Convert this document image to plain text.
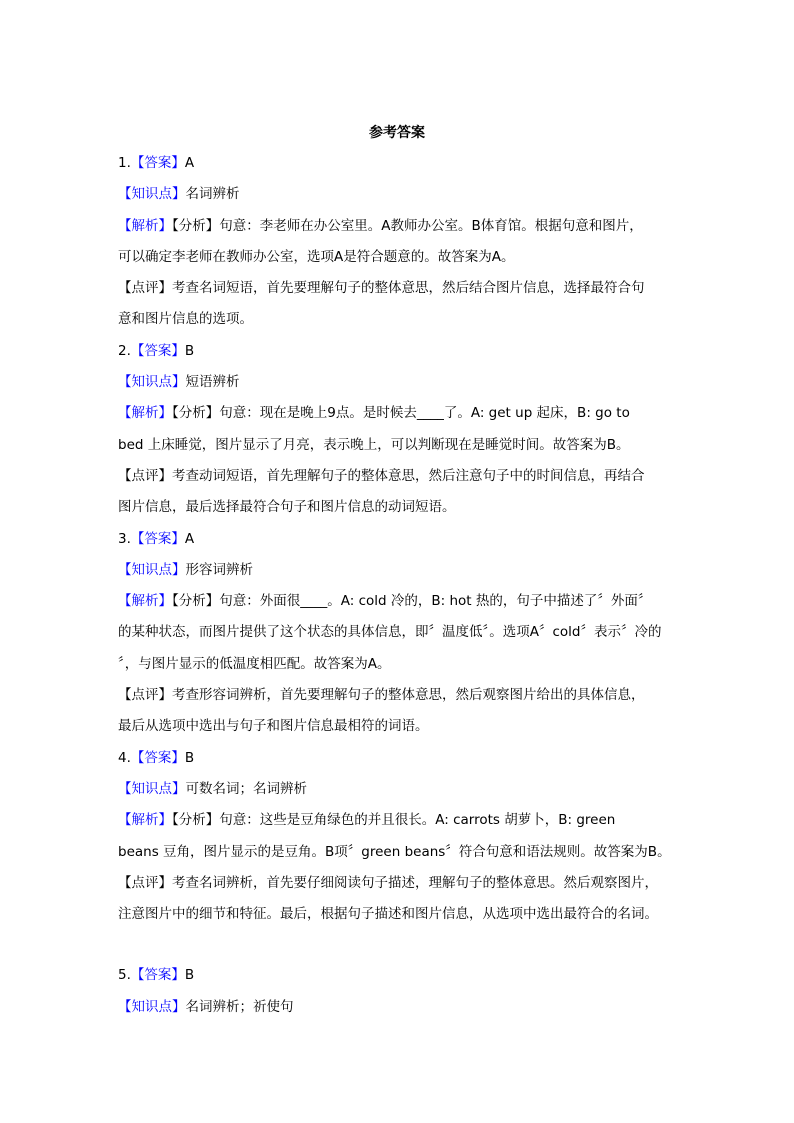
参考答案
1.【答案】A
【知识点】名词辨析
【解析】【分析】句意：李老师在办公室里。A教师办公室。B体育馆。根据句意和图片，
可以确定李老师在教师办公室，选项A是符合题意的。故答案为A。
【点评】考查名词短语，首先要理解句子的整体意思，然后结合图片信息，选择最符合句
意和图片信息的选项。
2.【答案】B
【知识点】短语辨析
【解析】【分析】句意：现在是晚上9点。是时候去____了。A: get up 起床，B: go to
bed 上床睡觉，图片显示了月亮，表示晚上，可以判断现在是睡觉时间。故答案为B。
【点评】考查动词短语，首先理解句子的整体意思，然后注意句子中的时间信息，再结合
图片信息，最后选择最符合句子和图片信息的动词短语。
3.【答案】A
【知识点】形容词辨析
【解析】【分析】句意：外面很____。A: cold 冷的，B: hot 热的，句子中描述了〞外面〞
的某种状态，而图片提供了这个状态的具体信息，即〞温度低〞。选项A〞cold〞表示〞冷的
〞，与图片显示的低温度相匹配。故答案为A。
【点评】考查形容词辨析，首先要理解句子的整体意思，然后观察图片给出的具体信息，
最后从选项中选出与句子和图片信息最相符的词语。
4.【答案】B
【知识点】可数名词；名词辨析
【解析】【分析】句意：这些是豆角绿色的并且很长。A: carrots 胡萝卜，B: green
beans 豆角，图片显示的是豆角。B项〞green beans〞符合句意和语法规则。故答案为B。
【点评】考查名词辨析，首先要仔细阅读句子描述，理解句子的整体意思。然后观察图片，
注意图片中的细节和特征。最后，根据句子描述和图片信息，从选项中选出最符合的名词。
5.【答案】B
【知识点】名词辨析；祈使句
